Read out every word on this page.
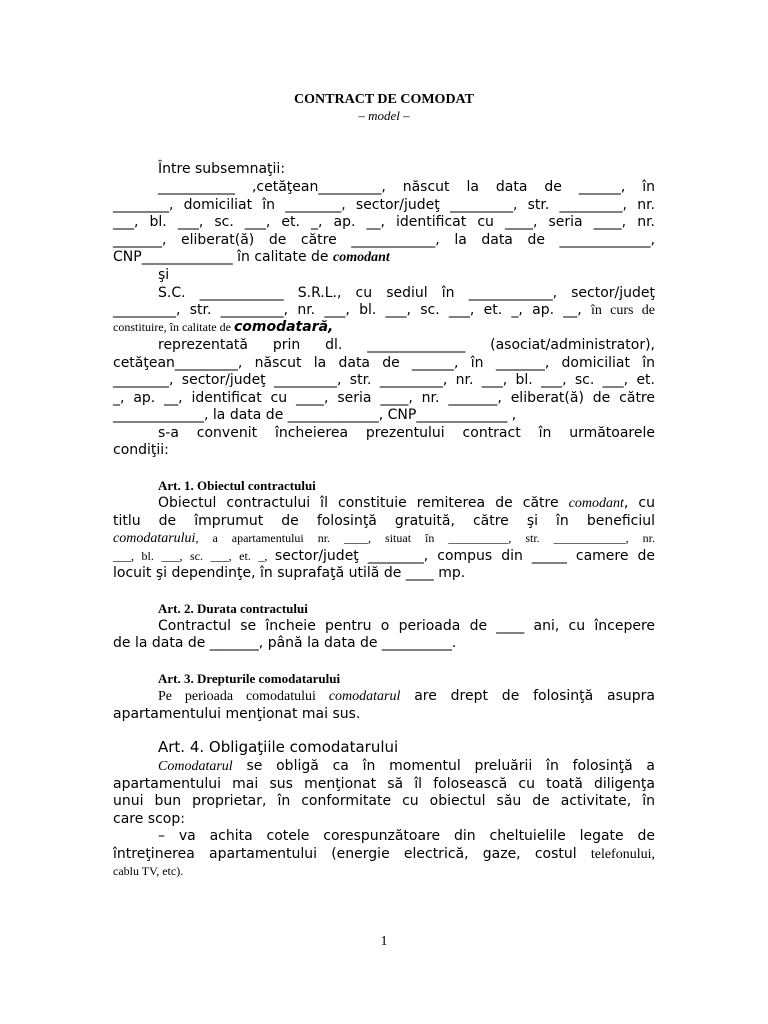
CONTRACT DE COMODAT

– model –

Între subsemnaţii:

___________ ,cetăţean_________, născut la data de ______, în

________, domiciliat în ________, sector/judeţ _________, str. _________, nr.

___, bl. ___, sc. ___, et. _, ap. __, identificat cu ____, seria ____, nr.

_______, eliberat(ă) de către ____________, la data de _____________,

CNP_____________ în calitate de comodant

şi

S.C. ____________ S.R.L., cu sediul în ____________, sector/judeţ

_________, str. _________, nr. ___, bl. ___, sc. ___, et. _, ap. __, în curs de

constituire, în calitate de comodatară,

reprezentată prin dl. ______________ (asociat/administrator),

cetăţean_________, născut la data de ______, în _______, domiciliat în

________, sector/judeţ _________, str. _________, nr. ___, bl. ___, sc. ___, et.

_, ap. __, identificat cu ____, seria ____, nr. _______, eliberat(ă) de către

_____________, la data de _____________, CNP_____________ ,

s-a convenit încheierea prezentului contract în următoarele

condiţii:

Art. 1. Obiectul contractului

Obiectul contractului îl constituie remiterea de către comodant, cu

titlu de împrumut de folosinţă gratuită, către şi în beneficiul

comodatarului, a apartamentului nr. ____, situat în __________, str. ____________, nr.

___, bl. ___, sc. ___, et. _, sector/judeţ ________, compus din _____ camere de

locuit şi dependinţe, în suprafaţă utilă de ____ mp.

Art. 2. Durata contractului

Contractul se încheie pentru o perioada de ____ ani, cu începere

de la data de _______, până la data de __________.

Art. 3. Drepturile comodatarului

Pe perioada comodatului comodatarul are drept de folosinţă asupra

apartamentului menţionat mai sus.

Art. 4. Obligaţiile comodatarului

Comodatarul se obligă ca în momentul preluării în folosinţă a

apartamentului mai sus menţionat să îl folosească cu toată diligenţa

unui bun proprietar, în conformitate cu obiectul său de activitate, în

care scop:

– va achita cotele corespunzătoare din cheltuielile legate de

întreţinerea apartamentului (energie electrică, gaze, costul telefonului,

cablu TV, etc).

1
